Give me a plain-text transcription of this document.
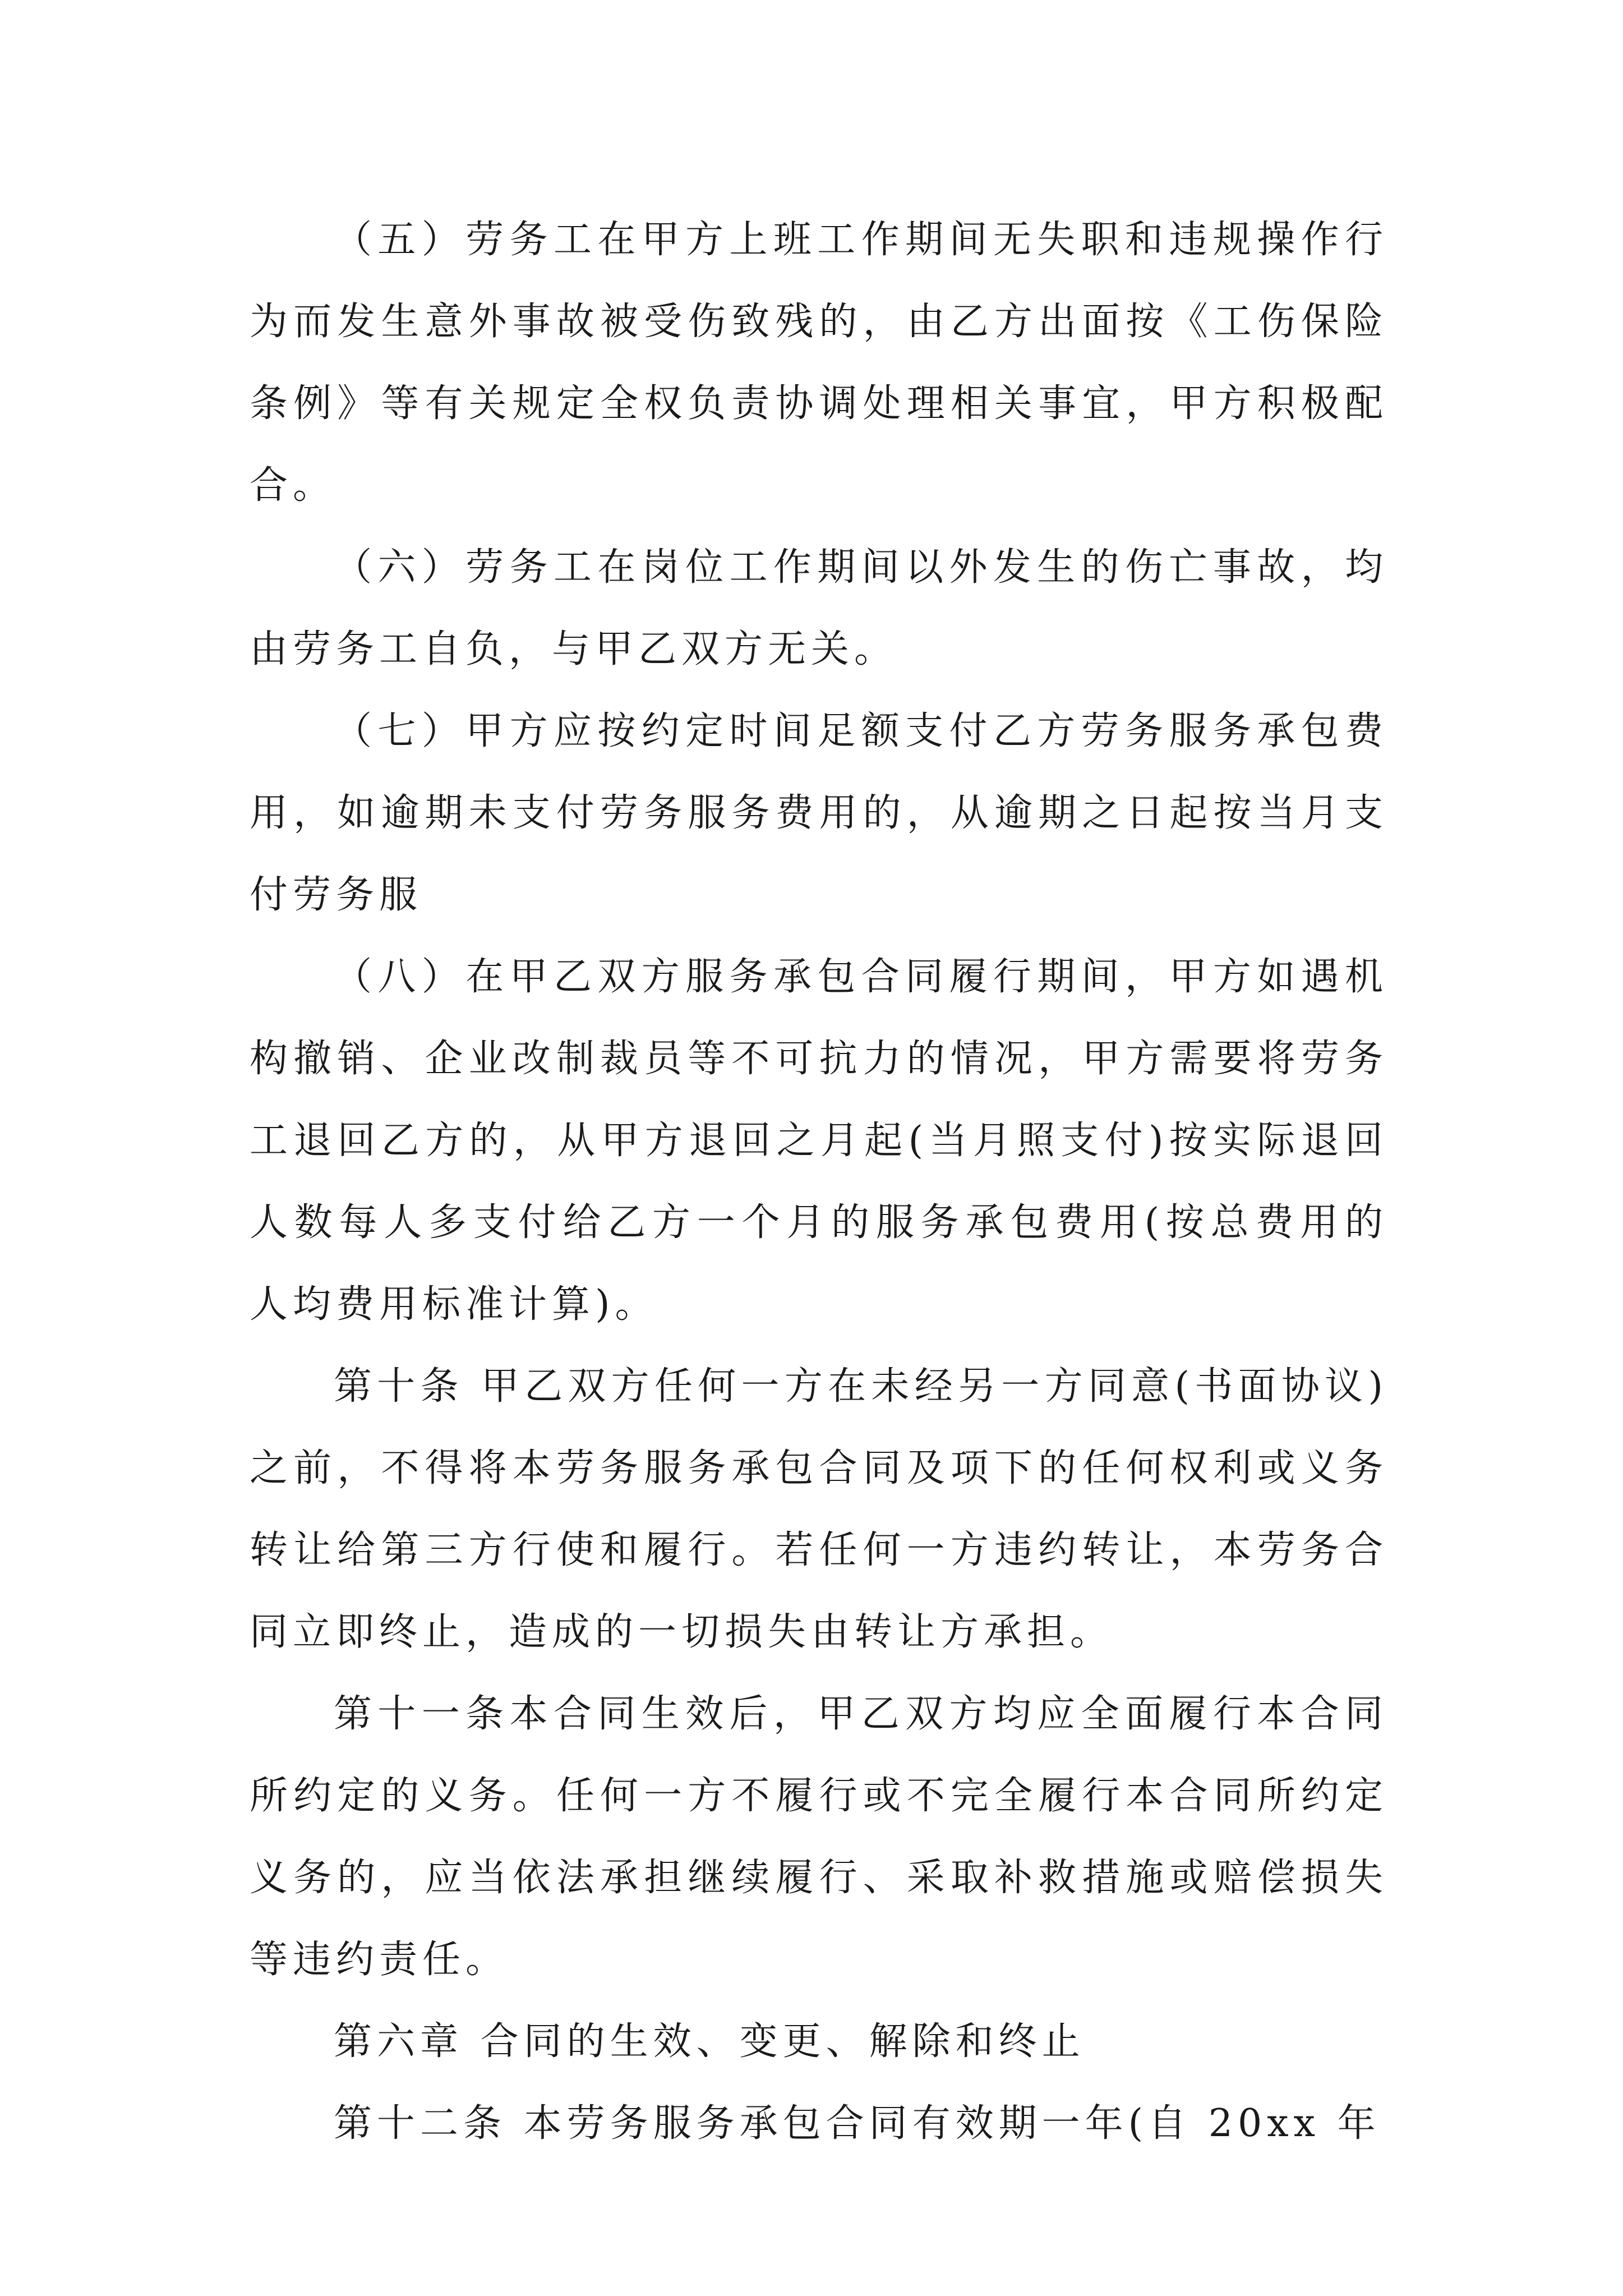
（五）劳务工在甲方上班工作期间无失职和违规操作行为而发生意外事故被受伤致残的，由乙方出面按《工伤保险条例》等有关规定全权负责协调处理相关事宜，甲方积极配合。

（六）劳务工在岗位工作期间以外发生的伤亡事故，均由劳务工自负，与甲乙双方无关。

（七）甲方应按约定时间足额支付乙方劳务服务承包费用，如逾期未支付劳务服务费用的，从逾期之日起按当月支付劳务服

（八）在甲乙双方服务承包合同履行期间，甲方如遇机构撤销、企业改制裁员等不可抗力的情况，甲方需要将劳务工退回乙方的，从甲方退回之月起(当月照支付)按实际退回人数每人多支付给乙方一个月的服务承包费用(按总费用的人均费用标准计算)。

第十条 甲乙双方任何一方在未经另一方同意(书面协议)之前，不得将本劳务服务承包合同及项下的任何权利或义务转让给第三方行使和履行。若任何一方违约转让，本劳务合同立即终止，造成的一切损失由转让方承担。

第十一条本合同生效后，甲乙双方均应全面履行本合同所约定的义务。任何一方不履行或不完全履行本合同所约定义务的，应当依法承担继续履行、采取补救措施或赔偿损失等违约责任。

第六章 合同的生效、变更、解除和终止

第十二条 本劳务服务承包合同有效期一年(自 20xx 年
